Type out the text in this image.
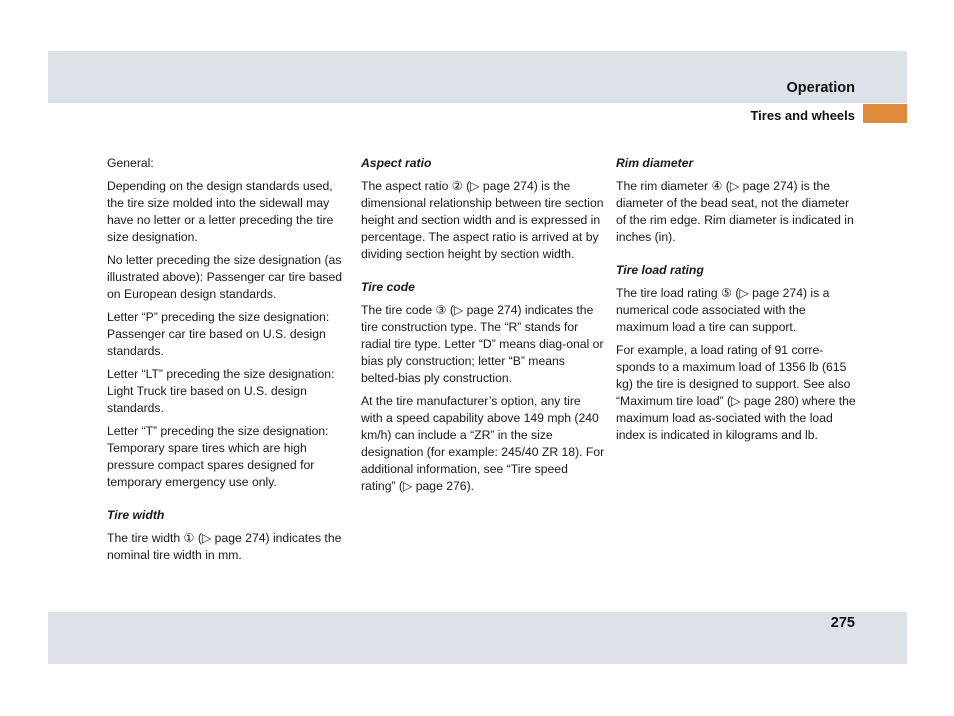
Operation
Tires and wheels

General:

Depending on the design standards used, the tire size molded into the sidewall may have no letter or a letter preceding the tire size designation.

No letter preceding the size designation (as illustrated above): Passenger car tire based on European design standards.

Letter “P” preceding the size designation: Passenger car tire based on U.S. design standards.

Letter “LT” preceding the size designation: Light Truck tire based on U.S. design standards.

Letter “T” preceding the size designation: Temporary spare tires which are high pressure compact spares designed for temporary emergency use only.

Tire width

The tire width ① (▷ page 274) indicates the nominal tire width in mm.

Aspect ratio

The aspect ratio ② (▷ page 274) is the dimensional relationship between tire section height and section width and is expressed in percentage. The aspect ratio is arrived at by dividing section height by section width.

Tire code

The tire code ③ (▷ page 274) indicates the tire construction type. The “R” stands for radial tire type. Letter “D” means diag-onal or bias ply construction; letter “B” means belted-bias ply construction.

At the tire manufacturer’s option, any tire with a speed capability above 149 mph (240 km/h) can include a “ZR” in the size designation (for example: 245/40 ZR 18). For additional information, see “Tire speed rating” (▷ page 276).

Rim diameter

The rim diameter ④ (▷ page 274) is the diameter of the bead seat, not the diameter of the rim edge. Rim diameter is indicated in inches (in).

Tire load rating

The tire load rating ⑤ (▷ page 274) is a numerical code associated with the maximum load a tire can support.

For example, a load rating of 91 corre-sponds to a maximum load of 1356 lb (615 kg) the tire is designed to support. See also “Maximum tire load” (▷ page 280) where the maximum load as-sociated with the load index is indicated in kilograms and lb.

275
